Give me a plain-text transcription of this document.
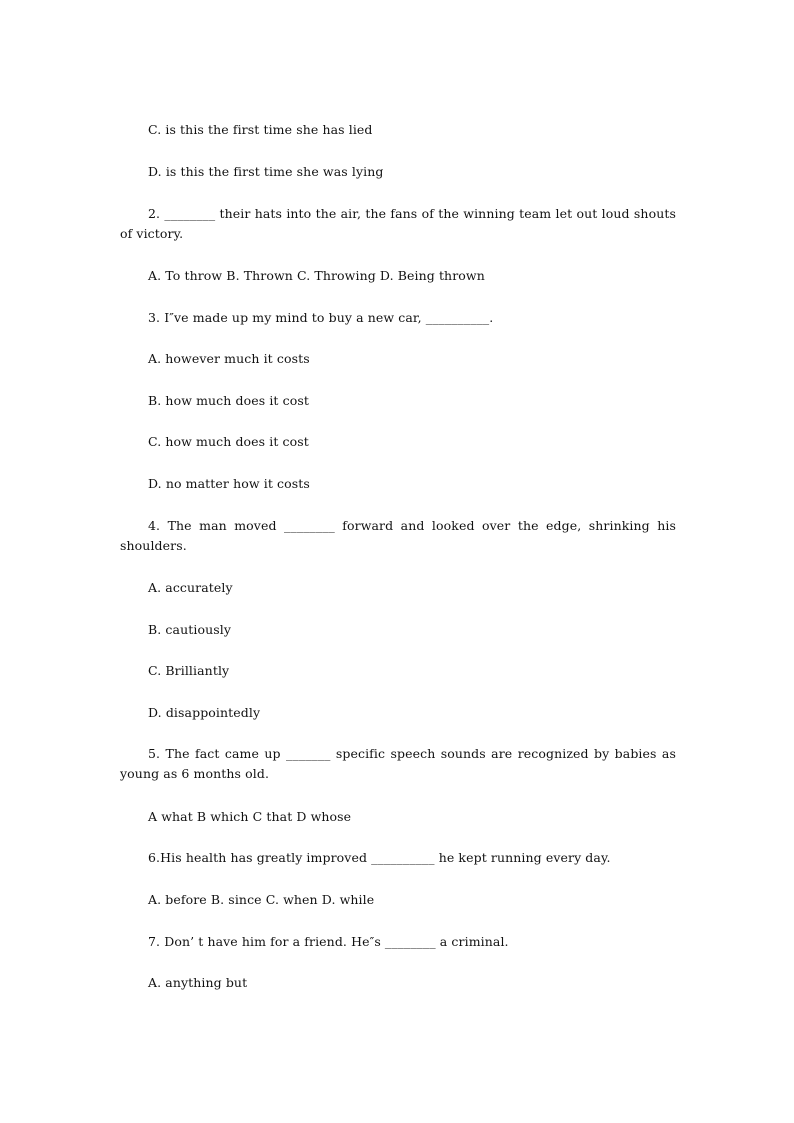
C. is this the first time she has lied
D. is this the first time she was lying
2. ________ their hats into the air, the fans of the winning team let out loud shouts of victory.
A. To throw B. Thrown C. Throwing D. Being thrown
3. I″ve made up my mind to buy a new car, __________.
A. however much it costs
B. how much does it cost
C. how much does it cost
D. no matter how it costs
4. The man moved ________ forward and looked over the edge, shrinking his shoulders.
A. accurately
B. cautiously
C. Brilliantly
D. disappointedly
5. The fact came up _______ specific speech sounds are recognized by babies as young as 6 months old.
A what B which C that D whose
6.His health has greatly improved __________ he kept running every day.
A. before B. since C. when D. while
7. Don’ t have him for a friend. He″s ________ a criminal.
A. anything but
